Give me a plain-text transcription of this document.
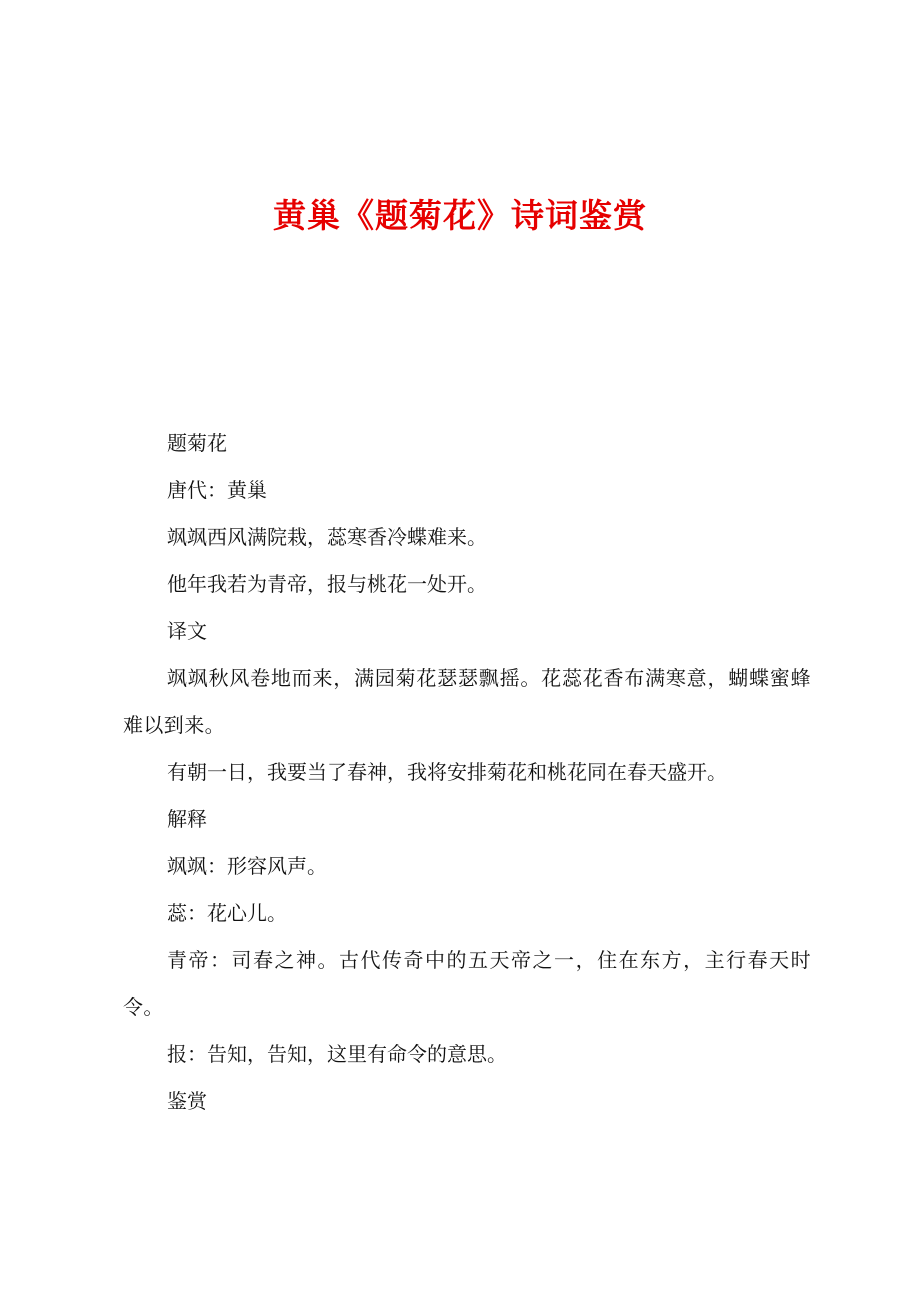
黄巢《题菊花》诗词鉴赏

题菊花

唐代：黄巢

飒飒西风满院栽，蕊寒香冷蝶难来。

他年我若为青帝，报与桃花一处开。

译文

飒飒秋风卷地而来，满园菊花瑟瑟飘摇。花蕊花香布满寒意，蝴蝶蜜蜂难以到来。

有朝一日，我要当了春神，我将安排菊花和桃花同在春天盛开。

解释

飒飒：形容风声。

蕊：花心儿。

青帝：司春之神。古代传奇中的五天帝之一，住在东方，主行春天时令。

报：告知，告知，这里有命令的意思。

鉴赏
